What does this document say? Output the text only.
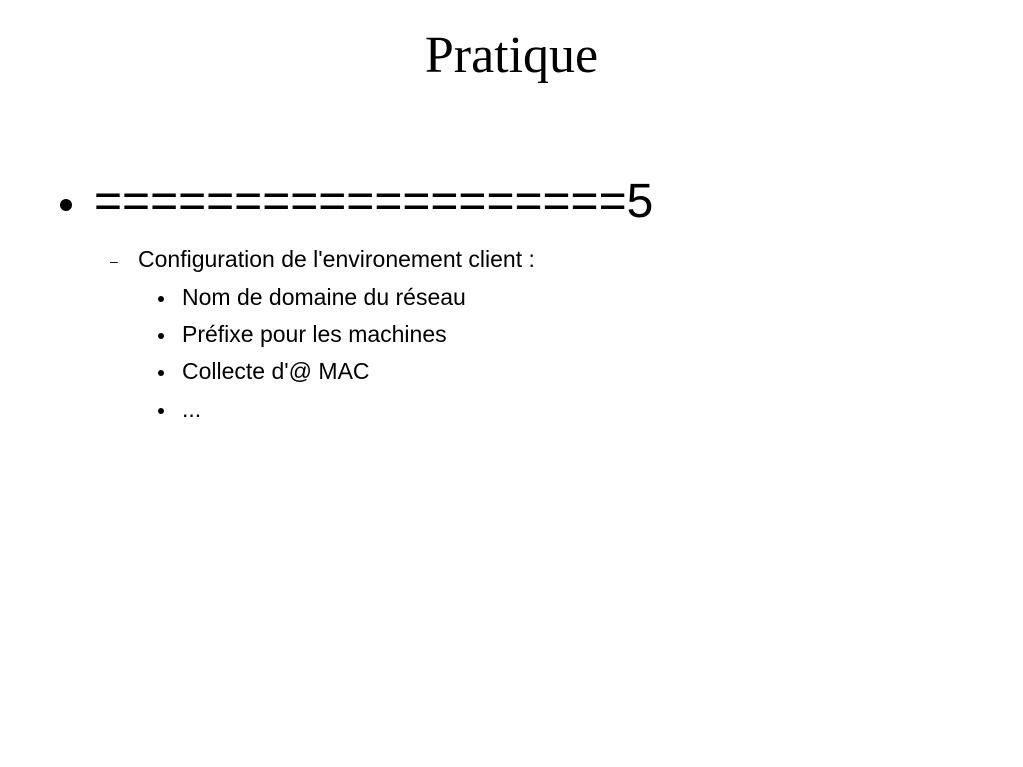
Pratique
===================5
– Configuration de l'environement client :
Nom de domaine du réseau
Préfixe pour les machines
Collecte d'@ MAC
...
